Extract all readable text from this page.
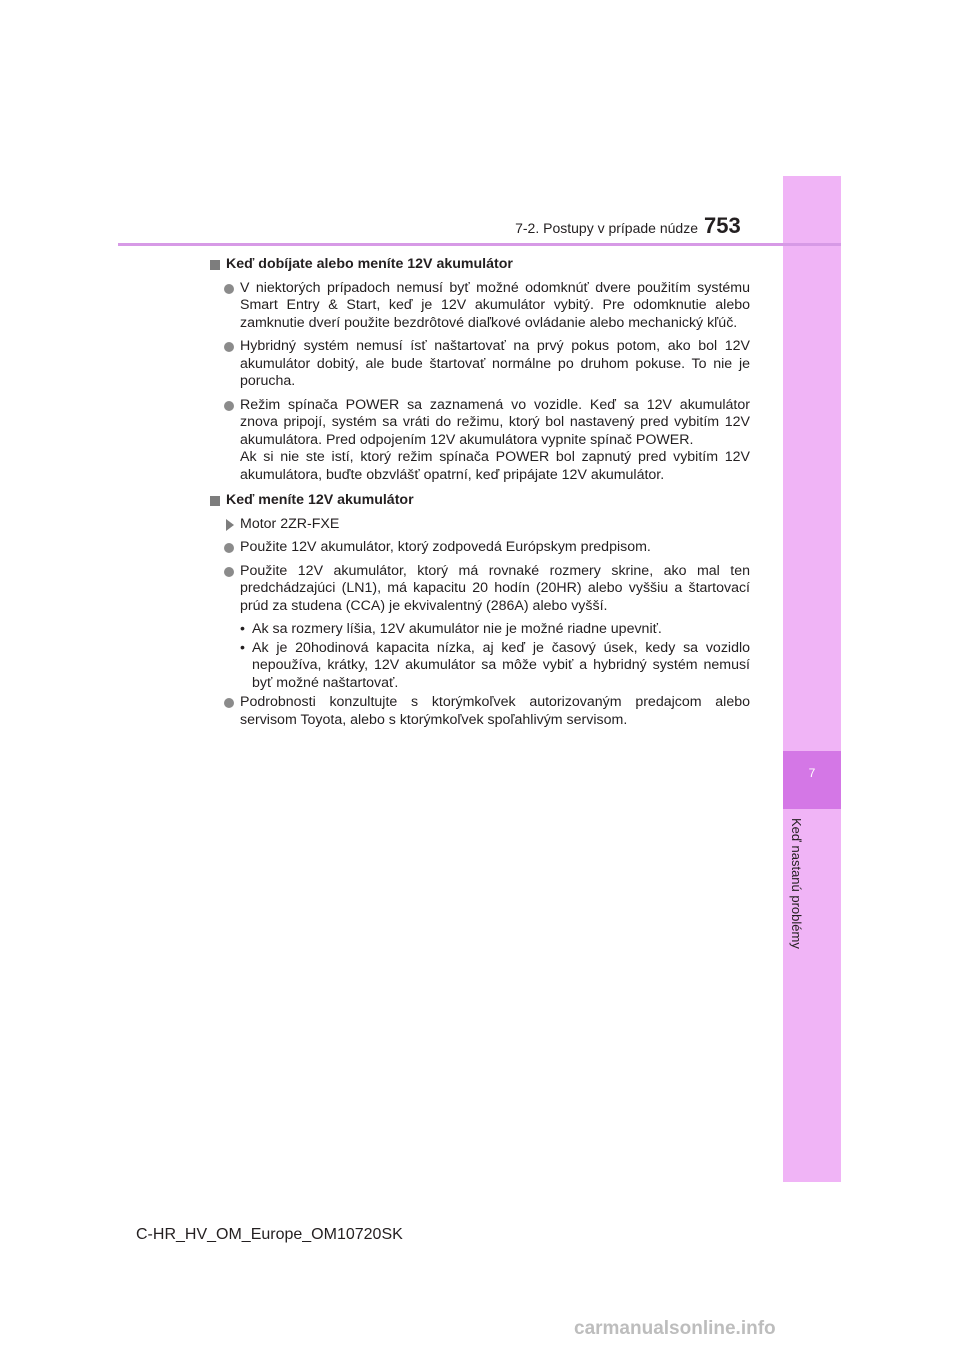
7
Keď nastanú problémy
7-2. Postupy v prípade núdze 753
Keď dobíjate alebo meníte 12V akumulátor
V niektorých prípadoch nemusí byť možné odomknúť dvere použitím systému Smart Entry & Start, keď je 12V akumulátor vybitý. Pre odomknutie alebo zamknutie dverí použite bezdrôtové diaľkové ovládanie alebo mechanický kľúč.
Hybridný systém nemusí ísť naštartovať na prvý pokus potom, ako bol 12V akumulátor dobitý, ale bude štartovať normálne po druhom pokuse. To nie je porucha.
Režim spínača POWER sa zaznamená vo vozidle. Keď sa 12V akumulátor znova pripojí, systém sa vráti do režimu, ktorý bol nastavený pred vybitím 12V akumulátora. Pred odpojením 12V akumulátora vypnite spínač POWER.
Ak si nie ste istí, ktorý režim spínača POWER bol zapnutý pred vybitím 12V akumulátora, buďte obzvlášť opatrní, keď pripájate 12V akumulátor.
Keď meníte 12V akumulátor
Motor 2ZR-FXE
Použite 12V akumulátor, ktorý zodpovedá Európskym predpisom.
Použite 12V akumulátor, ktorý má rovnaké rozmery skrine, ako mal ten predchádzajúci (LN1), má kapacitu 20 hodín (20HR) alebo vyššiu a štartovací prúd za studena (CCA) je ekvivalentný (286A) alebo vyšší.
• Ak sa rozmery líšia, 12V akumulátor nie je možné riadne upevniť.
• Ak je 20hodinová kapacita nízka, aj keď je časový úsek, kedy sa vozidlo nepoužíva, krátky, 12V akumulátor sa môže vybiť a hybridný systém nemusí byť možné naštartovať.
Podrobnosti konzultujte s ktorýmkoľvek autorizovaným predajcom alebo servisom Toyota, alebo s ktorýmkoľvek spoľahlivým servisom.
C-HR_HV_OM_Europe_OM10720SK
carmanualsonline.info
